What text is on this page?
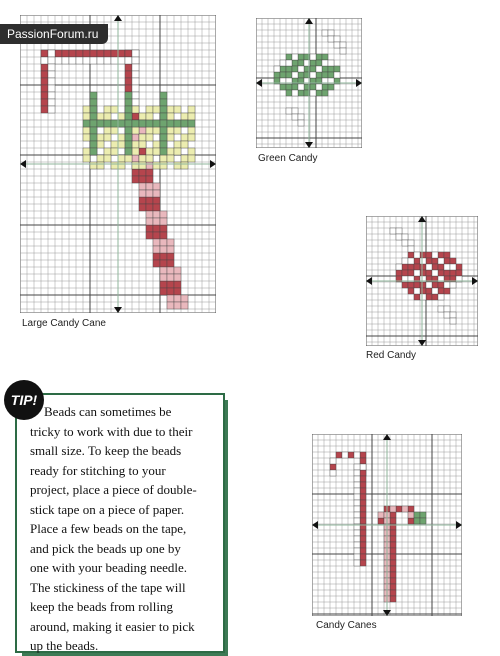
PassionForum.ru
Large Candy Cane
Green Candy
Red Candy
Candy Canes
TIP!
Beads can sometimes be
tricky to work with due to their
small size. To keep the beads
ready for stitching to your
project, place a piece of double-
stick tape on a piece of paper.
Place a few beads on the tape,
and pick the beads up one by
one with your beading needle.
The stickiness of the tape will
keep the beads from rolling
around, making it easier to pick
up the beads.
